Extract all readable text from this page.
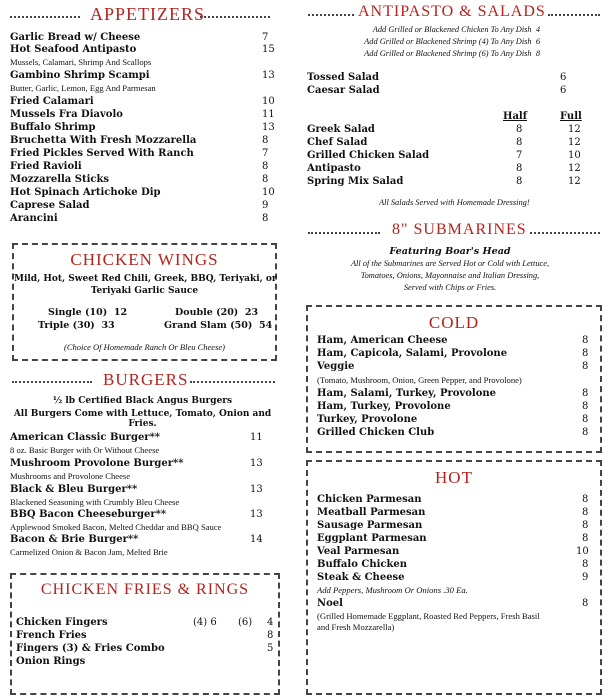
APPETIZERS
Garlic Bread w/ Cheese	7
Hot Seafood Antipasto	15
Mussels, Calamari, Shrimp And Scallops
Gambino Shrimp Scampi	13
Butter, Garlic, Lemon, Egg And Parmesan
Fried Calamari	10
Mussels Fra Diavolo	11
Buffalo Shrimp	13
Bruchetta With Fresh Mozzarella	8
Fried Pickles Served With Ranch	7
Fried Ravioli	8
Mozzarella Sticks	8
Hot Spinach Artichoke Dip	10
Caprese Salad	9
Arancini	8
CHICKEN WINGS
Mild, Hot, Sweet Red Chili, Greek, BBQ, Teriyaki, or
Teriyaki Garlic Sauce
Single (10) 12	Double (20) 23
Triple (30) 33	Grand Slam (50) 54
(Choice Of Homemade Ranch Or Bleu Cheese)
BURGERS
½ lb Certified Black Angus Burgers
All Burgers Come with Lettuce, Tomato, Onion and Fries.
American Classic Burger**	11
8 oz. Basic Burger with Or Without Cheese
Mushroom Provolone Burger**	13
Mushrooms and Provolone Cheese
Black & Bleu Burger**	13
Blackened Seasoning with Crumbly Bleu Cheese
BBQ Bacon Cheeseburger**	13
Applewood Smoked Bacon, Melted Cheddar and BBQ Sauce
Bacon & Brie Burger**	14
Carmelized Onion & Bacon Jam, Melted Brie
CHICKEN FRIES & RINGS
Chicken Fingers	(4) 6 (6) 4
French Fries	8
Fingers (3) & Fries Combo	5
Onion Rings
ANTIPASTO & SALADS
Add Grilled or Blackened Chicken To Any Dish 4
Add Grilled or Blackened Shrimp (4) To Any Dish 6
Add Grilled or Blackened Shrimp (6) To Any Dish 8
Tossed Salad	6
Caesar Salad	6
Half	Full
Greek Salad	8	12
Chef Salad	8	12
Grilled Chicken Salad	7	10
Antipasto	8	12
Spring Mix Salad	8	12
All Salads Served with Homemade Dressing!
8" SUBMARINES
Featuring Boar's Head
All of the Submarines are Served Hot or Cold with Lettuce,
Tomatoes, Onions, Mayonnaise and Italian Dressing,
Served with Chips or Fries.
COLD
Ham, American Cheese	8
Ham, Capicola, Salami, Provolone	8
Veggie	8
(Tomato, Mushroom, Onion, Green Pepper, and Provolone)
Ham, Salami, Turkey, Provolone	8
Ham, Turkey, Provolone	8
Turkey, Provolone	8
Grilled Chicken Club	8
HOT
Chicken Parmesan	8
Meatball Parmesan	8
Sausage Parmesan	8
Eggplant Parmesan	8
Veal Parmesan	10
Buffalo Chicken	8
Steak & Cheese	9
Add Peppers, Mushroom Or Onions .30 Ea.
Noel	8
(Grilled Homemade Eggplant, Roasted Red Peppers, Fresh Basil
and Fresh Mozzarella)
